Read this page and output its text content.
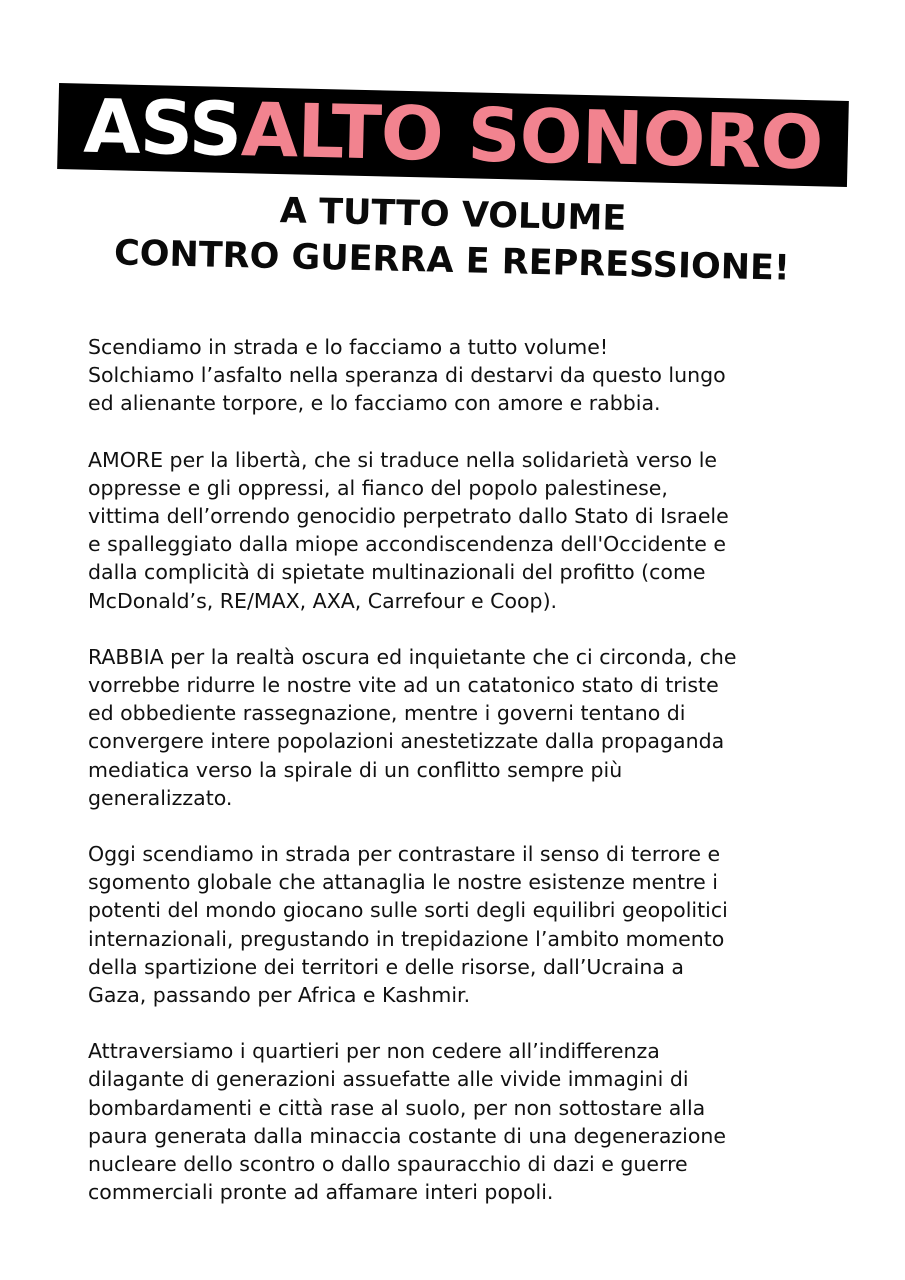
ASSALTO SONORO
A TUTTO VOLUME
CONTRO GUERRA E REPRESSIONE!
Scendiamo in strada e lo facciamo a tutto volume!
Solchiamo l’asfalto nella speranza di destarvi da questo lungo
ed alienante torpore, e lo facciamo con amore e rabbia.
AMORE per la libertà, che si traduce nella solidarietà verso le
oppresse e gli oppressi, al fianco del popolo palestinese,
vittima dell’orrendo genocidio perpetrato dallo Stato di Israele
e spalleggiato dalla miope accondiscendenza dell'Occidente e
dalla complicità di spietate multinazionali del profitto (come
McDonald’s, RE/MAX, AXA, Carrefour e Coop).
RABBIA per la realtà oscura ed inquietante che ci circonda, che
vorrebbe ridurre le nostre vite ad un catatonico stato di triste
ed obbediente rassegnazione, mentre i governi tentano di
convergere intere popolazioni anestetizzate dalla propaganda
mediatica verso la spirale di un conflitto sempre più
generalizzato.
Oggi scendiamo in strada per contrastare il senso di terrore e
sgomento globale che attanaglia le nostre esistenze mentre i
potenti del mondo giocano sulle sorti degli equilibri geopolitici
internazionali, pregustando in trepidazione l’ambito momento
della spartizione dei territori e delle risorse, dall’Ucraina a
Gaza, passando per Africa e Kashmir.
Attraversiamo i quartieri per non cedere all’indifferenza
dilagante di generazioni assuefatte alle vivide immagini di
bombardamenti e città rase al suolo, per non sottostare alla
paura generata dalla minaccia costante di una degenerazione
nucleare dello scontro o dallo spauracchio di dazi e guerre
commerciali pronte ad affamare interi popoli.
